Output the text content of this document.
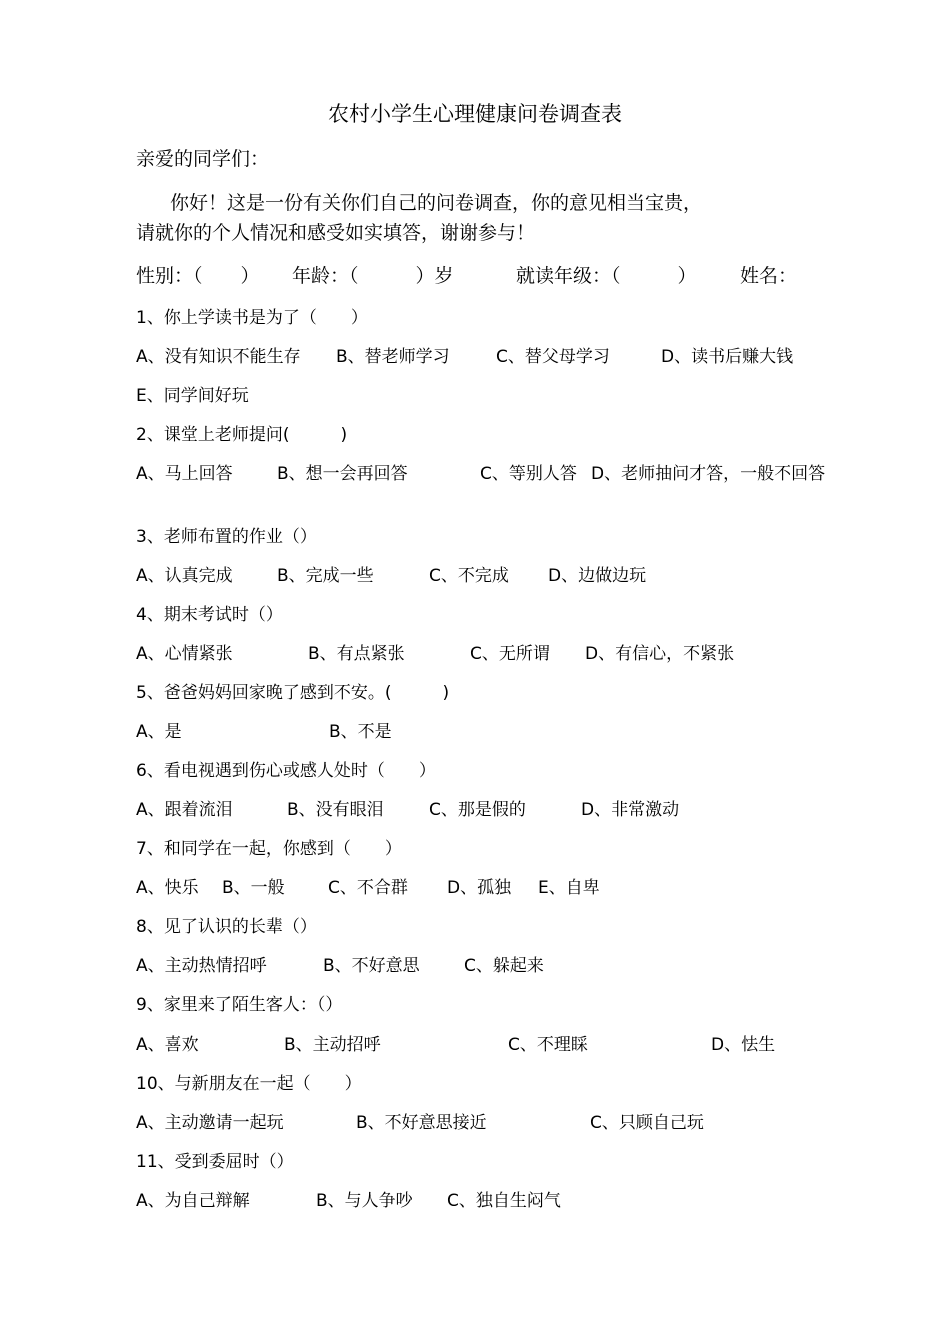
农村小学生心理健康问卷调查表
亲爱的同学们：
你好！这是一份有关你们自己的问卷调查，你的意见相当宝贵，
请就你的个人情况和感受如实填答，谢谢参与！
性别：（　　） 年龄：（　　　）岁	就读年级：（　　　） 姓名：
1、你上学读书是为了（　　）
A、没有知识不能生存 B、替老师学习	C、替父母学习	D、读书后赚大钱
E、同学间好玩
2、课堂上老师提问(　　　)
A、马上回答	B、想一会再回答	C、等别人答 D、老师抽问才答，一般不回答
3、老师布置的作业（）
A、认真完成	B、完成一些	C、不完成 D、边做边玩
4、期末考试时（）
A、心情紧张	B、有点紧张	C、无所谓 D、有信心，不紧张
5、爸爸妈妈回家晚了感到不安。(　　　)
A、是	B、不是
6、看电视遇到伤心或感人处时（　　）
A、跟着流泪	B、没有眼泪	C、那是假的	D、非常激动
7、和同学在一起，你感到（　　）
A、快乐 B、一般	C、不合群 D、孤独 E、自卑
8、见了认识的长辈（）
A、主动热情招呼	B、不好意思	C、躲起来
9、家里来了陌生客人：（）
A、喜欢	B、主动招呼	C、不理睬	D、怯生
10、与新朋友在一起（　　）
A、主动邀请一起玩	B、不好意思接近	C、只顾自己玩
11、受到委屈时（）
A、为自己辩解	B、与人争吵 C、独自生闷气
